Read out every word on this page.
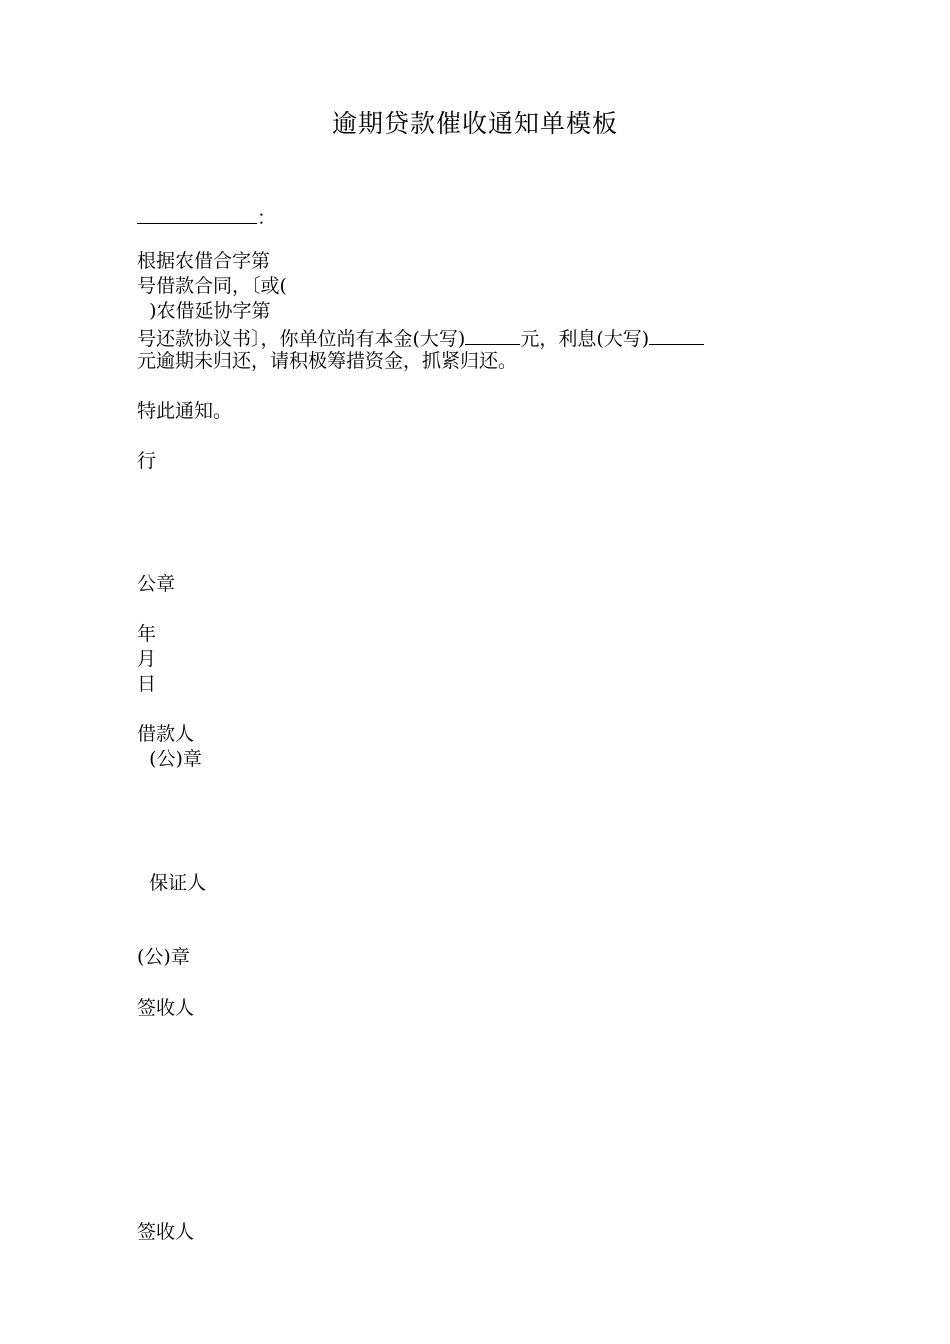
逾期贷款催收通知单模板
：
根据农借合字第
号借款合同，〔或(
)农借延协字第
号还款协议书〕，你单位尚有本金(大写)	元，利息(大写)
元逾期未归还，请积极筹措资金，抓紧归还。
特此通知。
行
公章
年
月
日
借款人
(公)章
保证人
(公)章
签收人
签收人
